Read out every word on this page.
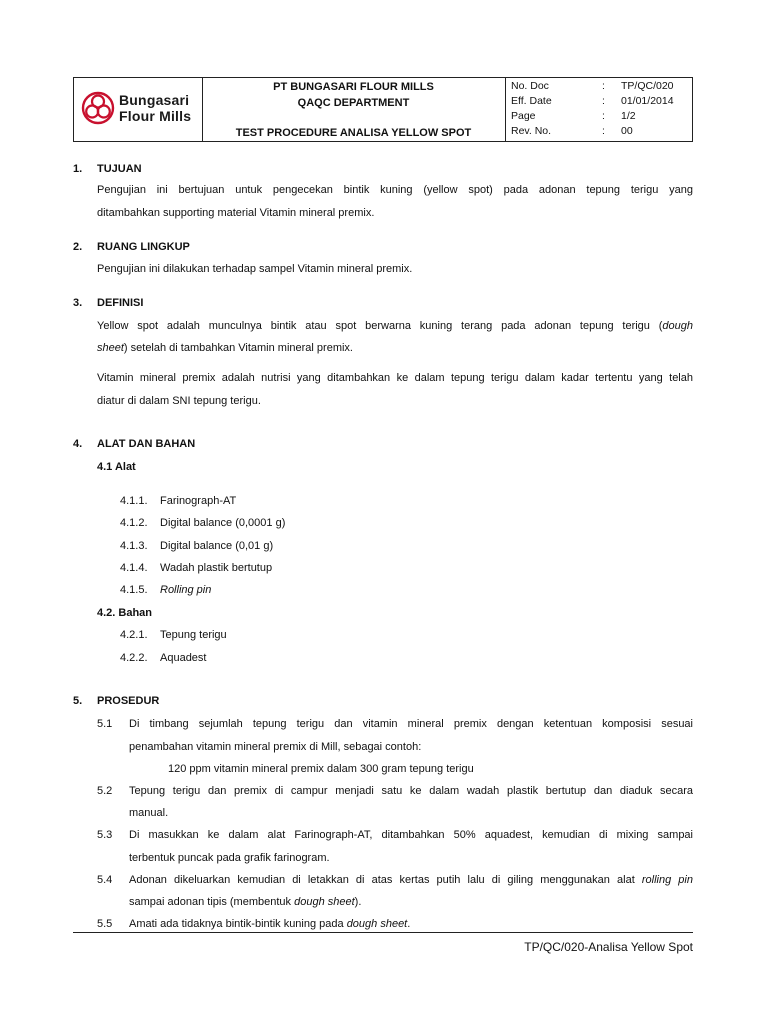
Bungasari
Flour Mills
PT BUNGASARI FLOUR MILLS
QAQC DEPARTMENT
TEST PROCEDURE ANALISA YELLOW SPOT
No. Doc	: TP/QC/020
Eff. Date	: 01/01/2014
Page	: 1/2
Rev. No.	: 00
1. TUJUAN
Pengujian ini bertujuan untuk pengecekan bintik kuning (yellow spot) pada adonan tepung terigu yang
ditambahkan supporting material Vitamin mineral premix.
2. RUANG LINGKUP
Pengujian ini dilakukan terhadap sampel Vitamin mineral premix.
3. DEFINISI
Yellow spot adalah munculnya bintik atau spot berwarna kuning terang pada adonan tepung terigu (dough
sheet) setelah di tambahkan Vitamin mineral premix.
Vitamin mineral premix adalah nutrisi yang ditambahkan ke dalam tepung terigu dalam kadar tertentu yang telah
diatur di dalam SNI tepung terigu.
4. ALAT DAN BAHAN
4.1 Alat
4.1.1. Farinograph-AT
4.1.2. Digital balance (0,0001 g)
4.1.3. Digital balance (0,01 g)
4.1.4. Wadah plastik bertutup
4.1.5. Rolling pin
4.2. Bahan
4.2.1. Tepung terigu
4.2.2. Aquadest
5. PROSEDUR
5.1 Di timbang sejumlah tepung terigu dan vitamin mineral premix dengan ketentuan komposisi sesuai
penambahan vitamin mineral premix di Mill, sebagai contoh:
120 ppm vitamin mineral premix dalam 300 gram tepung terigu
5.2 Tepung terigu dan premix di campur menjadi satu ke dalam wadah plastik bertutup dan diaduk secara
manual.
5.3 Di masukkan ke dalam alat Farinograph-AT, ditambahkan 50% aquadest, kemudian di mixing sampai
terbentuk puncak pada grafik farinogram.
5.4 Adonan dikeluarkan kemudian di letakkan di atas kertas putih lalu di giling menggunakan alat rolling pin
sampai adonan tipis (membentuk dough sheet).
5.5 Amati ada tidaknya bintik-bintik kuning pada dough sheet.
TP/QC/020-Analisa Yellow Spot
